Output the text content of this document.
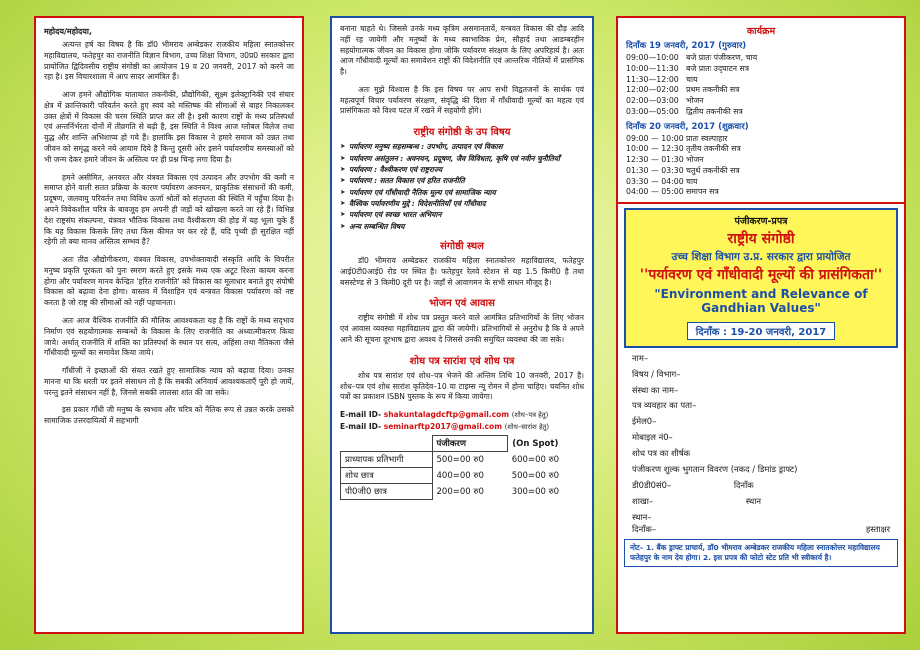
महोदय/महोदया,

अत्यन्त हर्ष का विषय है कि डॉ0 भीमराव अम्बेडकर राजकीय महिला स्नातकोत्तर महाविद्यालय, फतेहपुर का राजनीति विज्ञान विभाग, उच्च शिक्षा विभाग, उ0प्र0 सरकार द्वारा प्रायोजित द्विदिवसीय राष्ट्रीय संगोष्ठी का आयोजन 19 व 20 जनवरी, 2017 को करने जा रहा है। इस विचारशाला में आप सादर आमंत्रित हैं।

आज हमने औद्योगिक यातायात तकनीकी, प्रौद्योगिकी, सूक्ष्म इलेक्ट्रानिकी एवं संचार क्षेत्र में क्रान्तिकारी परिवर्तन करते हुए स्वयं को मस्तिष्क की सीमाओं से बाहर निकालकर उक्त क्षेत्रों में विकास की चरम स्थिति प्राप्त कर ली है। इसी कारण राष्ट्रों के मध्य प्रतिस्पर्धा एवं अन्तर्निर्भरता दोनों में तीव्रगति से बढ़ी है, इस स्थिति ने विश्व आज ग्लोबल विलेज तथा युद्ध और शान्ति अभिशाप्य हो गये हैं। हालांकि इस विकास ने हमारे समाज को उन्नत तथा जीवन को समृद्ध करने नये आयाम दिये है किन्तु दूसरी ओर इसने पर्यावरणीय समस्याओं को भी जन्म देकर हमारे जीवन के अस्तित्व पर ही प्रश्न चिन्ह लगा दिया है।

हमने असीमित, अनवरत और यंत्रवत विकास एवं उत्पादन और उपभोग की कमी न समाप्त होने वाली सतत प्रक्रिया के कारण पर्यावरण अवनयन, प्राकृतिक संसाधनों की कमी, प्रदूषण, जलवायु परिवर्तन तथा विविध ऊर्जा श्रोतों को संतृप्तता की स्थिति में पहुँचा दिया है। अपने विवेकशील चरित्र के बावजूद हम अपनी ही जड़ों को खोखला करते जा रहे हैं। विभिन्न देश राष्ट्रसंघ संकल्पना, यंत्रवत भौतिक विकास तथा वैश्वीकरण की होड़ में यह भूला चुके हैं कि यह विकास किसके लिए तथा किस कीमत पर कर रहे हैं, यदि पृथ्वी ही सुरक्षित नहीं रहेगी तो क्या मानव अस्तित्व सम्भव है?

अतः तीव्र औद्योगीकरण, यंत्रवत विकास, उपभोक्तावादी संस्कृति आदि के विपरीत मनुष्य प्रकृति पूरकता को पुनः स्मरण करते हुए इसके मध्य एक अटूट रिश्ता कायम करना होगा और पर्यावरण मानव केन्द्रित 'हरित राजनीति' को विकास का मूलाधार बनाते हुए संपोषी विकास को बढ़ावा देना होगा। वास्तव में विशाहिन एवं यन्त्रवत विकास पर्यावरण को नष्ट करता है जो राष्ट्र की सीमाओं को नहीं पहचानता।

अतः आज वैश्विक राजनीति की मौलिक आवश्यकता यह है कि राष्ट्रों के मध्य सद्‌भाव निर्माण एवं सहयोगात्मक सम्बन्धों के विकास के लिए राजनीति का अध्यात्मीकरण किया जाये। अर्थात्‌ राजनीति में शक्ति का प्रतिस्पर्धा के स्थान पर सत्य, अहिंसा तथा नैतिकता जैसे गाँधीवादी मूल्यों का समावेश किया जाये।

गाँधीजी ने इच्छाओं की संयत रखते हुए सामाजिक न्याय को बढ़ावा दिया। उनका मानना था कि धरती पर इतने संसाधन तो है कि सबकी अनिवार्य आवश्यकताएँ पूरी हो जायें, परन्तु इतने संसाधन नहीं है, जिनसे सबकी लालसा शांत की जा सके।

इस प्रकार गाँधी जी मनुष्य के स्वभाव और चरित्र को नैतिक रूप से उन्नत करके उसको सामाजिक उत्तरदायित्वों में सहभागी

बनाना चाहते थे। जिससे उनके मध्य कृत्रिम असमानतायें, यन्त्रवत विकास की दौड़ आदि नहीं रह जायेगी और मनुष्यों के मध्य स्वाभाविक प्रेम, सौहार्द तथा आडम्बरहीन सहयोगात्मक जीवन का विकास होगा जोकि पर्यावरण संरक्षण के लिए अपरिहार्य है। अतः आज गाँधीवादी मूल्यों का समावेशन राष्ट्रों की विदेशनीति एवं आन्तरिक नीतियों में प्रासंगिक है।

अतः मुझे विश्वास है कि इस विषय पर आप सभी विद्वतजनों के सार्थक एवं महत्वपूर्ण विचार पर्यावरण संरक्षण, संवृद्धि की दिशा में गाँधीवादी मूल्यों का महत्व एवं प्रासंगिकता को विश्व पटल में रखने में सहयोगी होंगे।

राष्ट्रीय संगोष्ठी के उप विषय
➤ पर्यावरण मनुष्य सहसम्बन्ध : उपभोग, उत्पादन एवं विकास
➤ पर्यावरण असंतुलन : अवनयन, प्रदूषण, जैव विविधता, कृषि एवं नवीन चुनौतियाँ
➤ पर्यावरण : वैश्वीकरण एवं राष्ट्रराज्य
➤ पर्यावरण : सतत विकास एवं हरित राजनीति
➤ पर्यावरण एवं गाँधीवादी नैतिक मूल्य एवं सामाजिक न्याय
➤ वैश्विक पर्यावरणीय मुद्दे : विदेशनीतियाँ एवं गाँधीवाद
➤ पर्यावरण एवं स्वच्छ भारत अभियान
➤ अन्य सम्बन्धित विषय
संगोष्ठी स्थल

डॉ0 भीमराव अम्बेडकर राजकीय महिला स्नातकोत्तर महाविद्यालय, फतेहपुर आई0टी0आई0 रोड पर स्थित है। फतेहपुर रेलवे स्टेशन से यह 1.5 किमी0 है तथा बसस्टेण्ड से 3 किमी0 दूरी पर है। जहाँ से आवागमन के सभी साधन मौजूद है।

भोजन एवं आवास

राष्ट्रीय संगोष्ठी में शोध पत्र प्रस्तुत करने वाले आमंत्रित प्रतिभागियों के लिए भोजन एवं आवास व्यवस्था महाविद्यालय द्वारा की जायेगी। प्रतिभागियों से अनुरोध है कि वे अपने आने की सूचना दूरभाष द्वारा अवश्य दे जिससे उनकी समुचित व्यवस्था की जा सके।

शोध पत्र सारांश एवं शोध पत्र

शोध पत्र सारांश एवं शोध–पत्र भेजने की अन्तिम तिथि 10 जनवरी, 2017 है। शोध–पत्र एवं शोध सारांश कृतिदेव–10 या टाइम्स न्यू रोमन में होना चाहिए। चयनित शोध पत्रों का प्रकाशन ISBN पुस्तक के रूप में किया जायेगा।

E-mail ID- shakuntalagdcftp@gmail.com (शोध–पत्र हेतु)
E-mail ID- seminarftp2017@gmail.com (शोध–सारांश हेतु)
	पंजीकरण	(On Spot)
प्राध्यापक प्रतिभागी	500=00 रु0	600=00 रु0
शोध छात्र	400=00 रु0	500=00 रु0
पी0जी0 छात्र	200=00 रु0	300=00 रु0
कार्यक्रम
दिनाँक 19 जनवरी, 2017 (गुरुवार)
09:00—10:00 बजे प्रातः पंजीकरण, चाय
10:00—11:30 बजे प्रातः उद्‌घाटन सत्र
11:30—12:00 चाय
12:00—02:00 प्रथम तकनीकी सत्र
02:00—03:00 भोजन
03:00—05:00 द्वितीय तकनीकी सत्र
दिनाँक 20 जनवरी, 2017 (शुक्रवार)
09:00 — 10:00 प्रातः स्वल्पाहार
10:00 — 12:30 तृतीय तकनीकी सत्र
12:30 — 01:30 भोजन
01:30 — 03:30 चतुर्थ तकनीकी सत्र
03:30 — 04:00 चाय
04:00 — 05:00 समापन सत्र
पंजीकरण-प्रपत्र
राष्ट्रीय संगोष्ठी
उच्च शिक्षा विभाग उ.प्र. सरकार द्वारा प्रायोजित
''पर्यावरण एवं गाँधीवादी मूल्यों की प्रासंगिकता''
"Environment and Relevance of Gandhian Values"
दिनाँक : 19-20 जनवरी, 2017
नाम–
विषय / विभाग–
संस्था का नाम–
पत्र व्यवहार का पता–
ईमेल0–
मोबाइल नं0–
शोध पत्र का शीर्षक
पंजीकरण शुल्क भुगतान विवरण (नकद / डिमांड ड्राफ्ट)
डी0डी0सं0–	दिनाँक
शाखा–	स्थान
स्थान–
दिनाँक–	हस्ताक्षर
नोट– 1. बैंक ड्राफ्ट प्राचार्य, डॉ0 भीमराव अम्बेडकर राजकीय महिला स्नातकोत्तर महाविद्यालय फतेहपुर के नाम देय होगा। 2. इस प्रपत्र की फोटो स्टेट प्रति भी स्वीकार्य है।
